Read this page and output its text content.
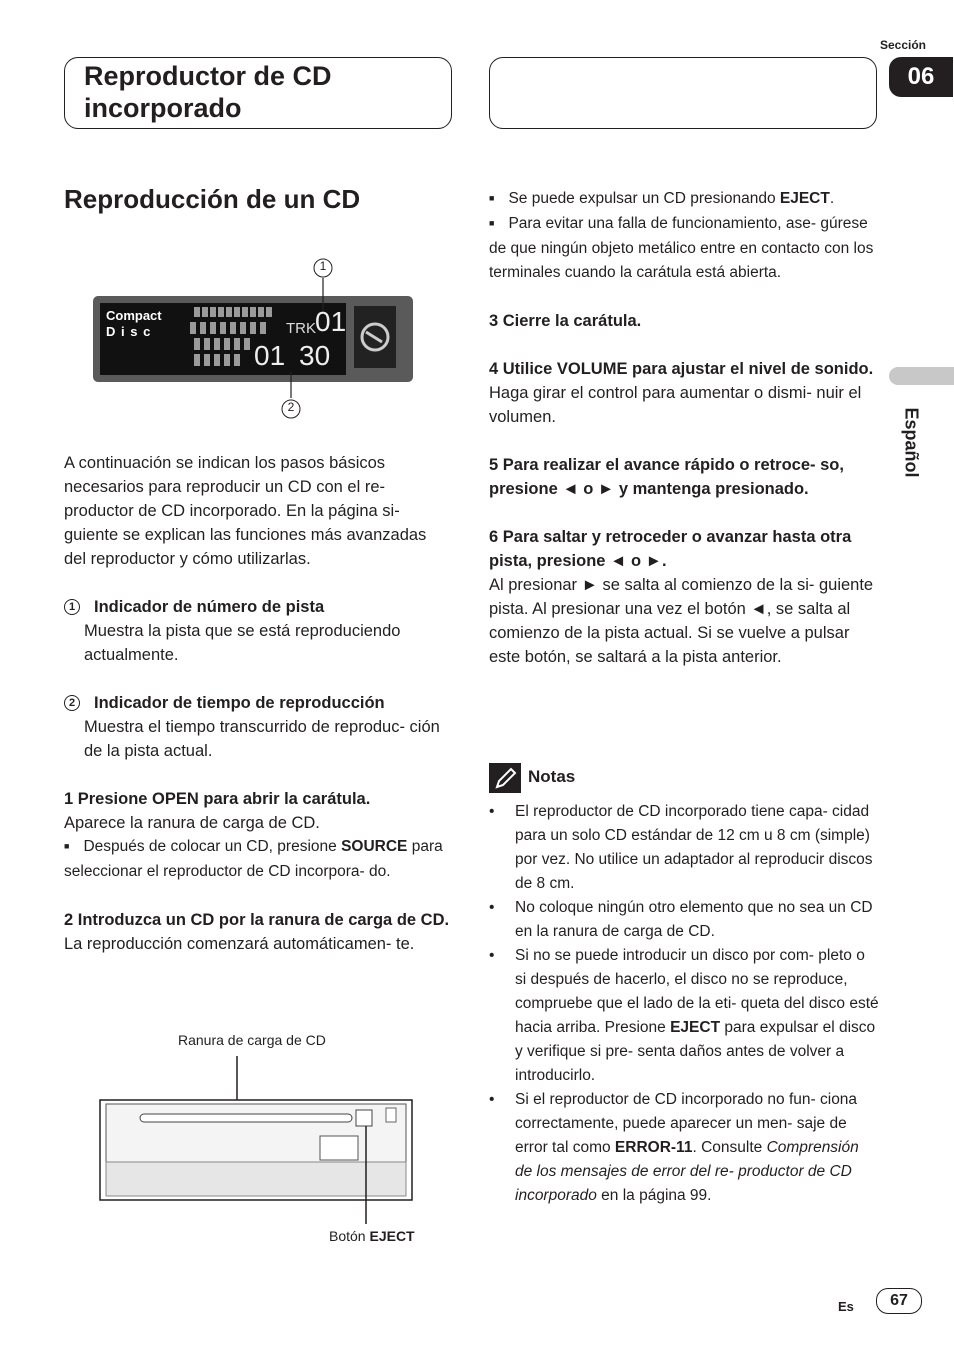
Reproductor de CD incorporado
Sección
06
Español
Reproducción de un CD
Compact
D i s c	TRK 01
01 30
1
2

A continuación se indican los pasos básicos necesarios para reproducir un CD con el re- productor de CD incorporado. En la página si- guiente se explican las funciones más avanzadas del reproductor y cómo utilizarlas.

1 Indicador de número de pista

Muestra la pista que se está reproduciendo actualmente.

2 Indicador de tiempo de reproducción

Muestra el tiempo transcurrido de reproduc- ción de la pista actual.

1 Presione OPEN para abrir la carátula.

Aparece la ranura de carga de CD.

■ Después de colocar un CD, presione SOURCE para seleccionar el reproductor de CD incorpora- do.

2 Introduzca un CD por la ranura de carga de CD.

La reproducción comenzará automáticamen- te.

Ranura de carga de CD
Botón EJECT

■ Se puede expulsar un CD presionando EJECT.

■ Para evitar una falla de funcionamiento, ase- gúrese de que ningún objeto metálico entre en contacto con los terminales cuando la carátula está abierta.

3 Cierre la carátula.

4 Utilice VOLUME para ajustar el nivel de sonido.

Haga girar el control para aumentar o dismi- nuir el volumen.

5 Para realizar el avance rápido o retroce- so, presione ◄ o ► y mantenga presionado.

6 Para saltar y retroceder o avanzar hasta otra pista, presione ◄ o ►.

Al presionar ► se salta al comienzo de la si- guiente pista. Al presionar una vez el botón ◄, se salta al comienzo de la pista actual. Si se vuelve a pulsar este botón, se saltará a la pista anterior.

Notas
• El reproductor de CD incorporado tiene capa- cidad para un solo CD estándar de 12 cm u 8 cm (simple) por vez. No utilice un adaptador al reproducir discos de 8 cm.
• No coloque ningún otro elemento que no sea un CD en la ranura de carga de CD.
• Si no se puede introducir un disco por com- pleto o si después de hacerlo, el disco no se reproduce, compruebe que el lado de la eti- queta del disco esté hacia arriba. Presione EJECT para expulsar el disco y verifique si pre- senta daños antes de volver a introducirlo.
• Si el reproductor de CD incorporado no fun- ciona correctamente, puede aparecer un men- saje de error tal como ERROR-11. Consulte Comprensión de los mensajes de error del re- productor de CD incorporado en la página 99.
Es	67
